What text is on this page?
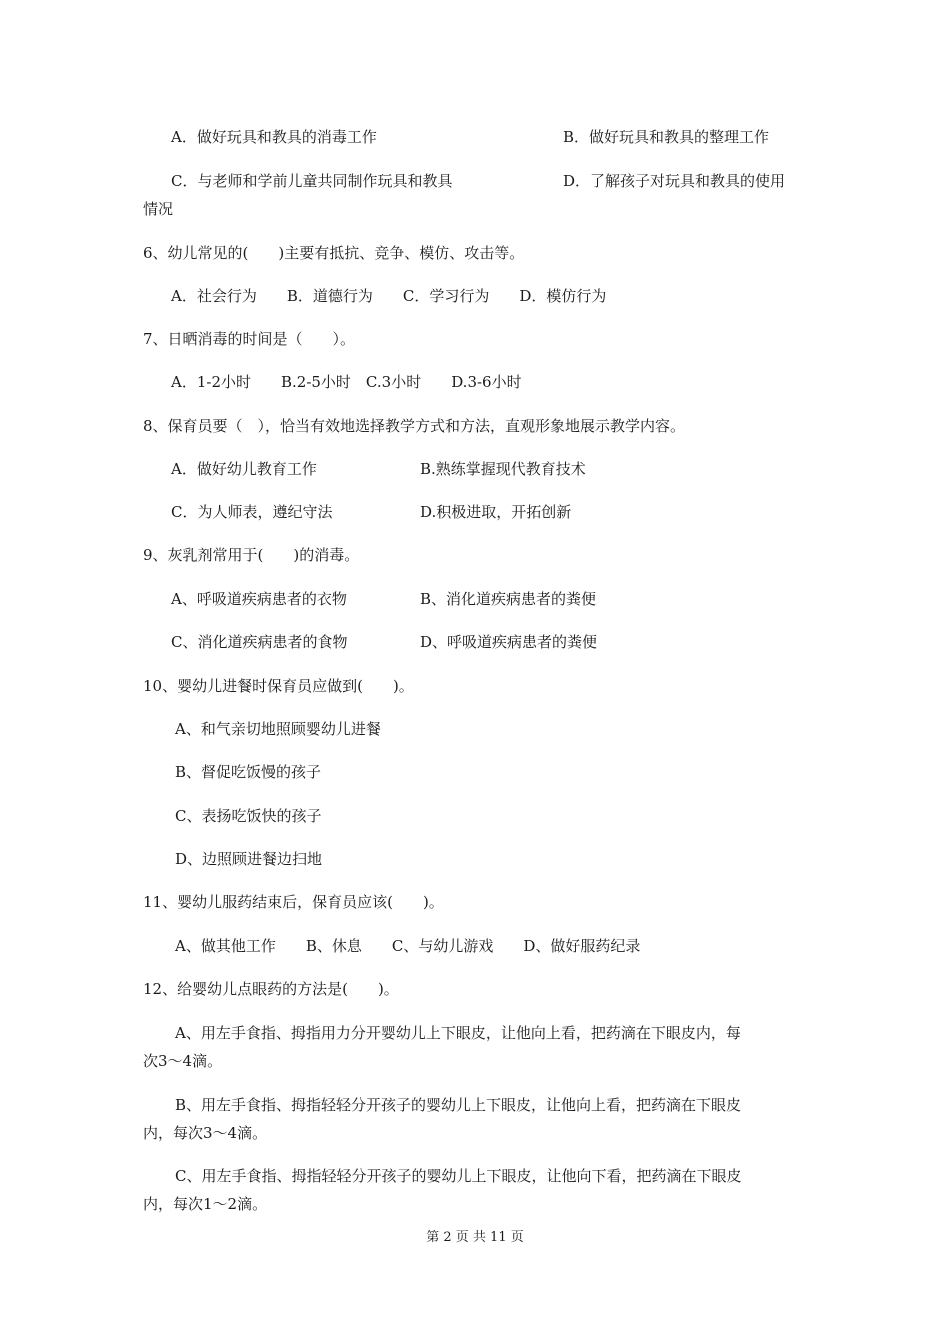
A．做好玩具和教具的消毒工作	B．做好玩具和教具的整理工作
C．与老师和学前儿童共同制作玩具和教具	D．了解孩子对玩具和教具的使用
情况
6、幼儿常见的(　　)主要有抵抗、竞争、模仿、攻击等。
A．社会行为　　B．道德行为　　C．学习行为　　D．模仿行为
7、日晒消毒的时间是（　　）。
A．1-2小时　　B.2-5小时　C.3小时　　D.3-6小时
8、保育员要（　），恰当有效地选择教学方式和方法，直观形象地展示教学内容。
A．做好幼儿教育工作	B.熟练掌握现代教育技术
C．为人师表，遵纪守法	D.积极进取，开拓创新
9、灰乳剂常用于(　　)的消毒。
A、呼吸道疾病患者的衣物	B、消化道疾病患者的粪便
C、消化道疾病患者的食物	D、呼吸道疾病患者的粪便
10、婴幼儿进餐时保育员应做到(　　)。
A、和气亲切地照顾婴幼儿进餐
B、督促吃饭慢的孩子
C、表扬吃饭快的孩子
D、边照顾进餐边扫地
11、婴幼儿服药结束后，保育员应该(　　)。
A、做其他工作　　B、休息　　C、与幼儿游戏　　D、做好服药纪录
12、给婴幼儿点眼药的方法是(　　)。
A、用左手食指、拇指用力分开婴幼儿上下眼皮，让他向上看，把药滴在下眼皮内，每
次3～4滴。
B、用左手食指、拇指轻轻分开孩子的婴幼儿上下眼皮，让他向上看，把药滴在下眼皮
内，每次3～4滴。
C、用左手食指、拇指轻轻分开孩子的婴幼儿上下眼皮，让他向下看，把药滴在下眼皮
内，每次1～2滴。
第 2 页 共 11 页
